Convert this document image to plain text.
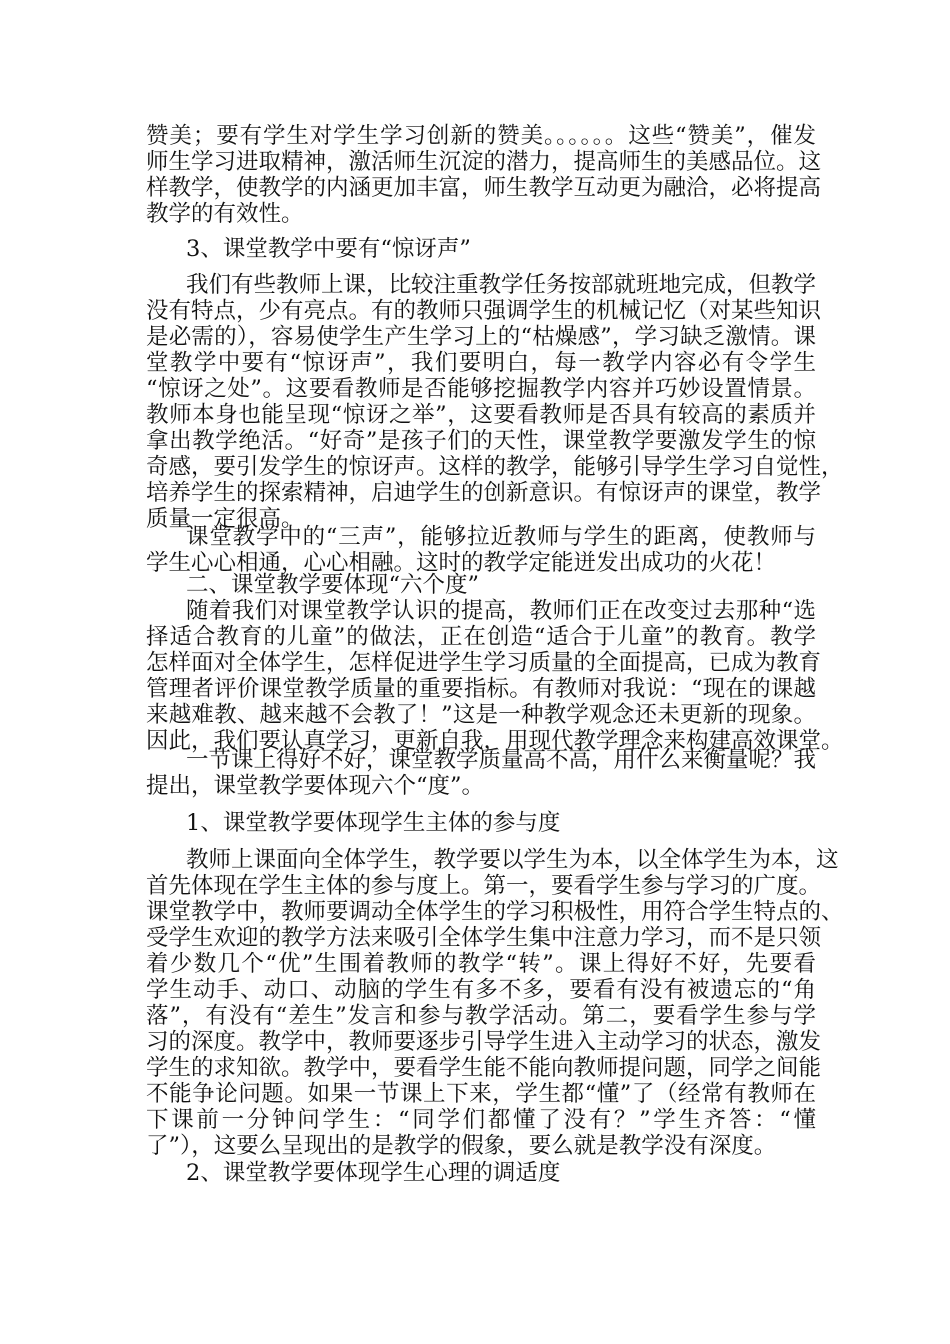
赞美；要有学生对学生学习创新的赞美。。。。。。这些“赞美”，催发
师生学习进取精神，激活师生沉淀的潜力，提高师生的美感品位。这
样教学，使教学的内涵更加丰富，师生教学互动更为融洽，必将提高
教学的有效性。
3、课堂教学中要有“惊讶声”
我们有些教师上课，比较注重教学任务按部就班地完成，但教学
没有特点，少有亮点。有的教师只强调学生的机械记忆（对某些知识
是必需的），容易使学生产生学习上的“枯燥感”，学习缺乏激情。课
堂教学中要有“惊讶声”，我们要明白，每一教学内容必有令学生
“惊讶之处”。这要看教师是否能够挖掘教学内容并巧妙设置情景。
教师本身也能呈现“惊讶之举”，这要看教师是否具有较高的素质并
拿出教学绝活。“好奇”是孩子们的天性，课堂教学要激发学生的惊
奇感，要引发学生的惊讶声。这样的教学，能够引导学生学习自觉性，
培养学生的探索精神，启迪学生的创新意识。有惊讶声的课堂，教学
质量一定很高。
课堂教学中的“三声”，能够拉近教师与学生的距离，使教师与
学生心心相通，心心相融。这时的教学定能迸发出成功的火花！
二、课堂教学要体现“六个度”
随着我们对课堂教学认识的提高，教师们正在改变过去那种“选
择适合教育的儿童”的做法，正在创造“适合于儿童”的教育。教学
怎样面对全体学生，怎样促进学生学习质量的全面提高，已成为教育
管理者评价课堂教学质量的重要指标。有教师对我说：“现在的课越
来越难教、越来越不会教了！”这是一种教学观念还未更新的现象。
因此，我们要认真学习，更新自我，用现代教学理念来构建高效课堂。
一节课上得好不好，课堂教学质量高不高，用什么来衡量呢？我
提出，课堂教学要体现六个“度”。
1、课堂教学要体现学生主体的参与度
教师上课面向全体学生，教学要以学生为本，以全体学生为本，这
首先体现在学生主体的参与度上。第一，要看学生参与学习的广度。
课堂教学中，教师要调动全体学生的学习积极性，用符合学生特点的、
受学生欢迎的教学方法来吸引全体学生集中注意力学习，而不是只领
着少数几个“优”生围着教师的教学“转”。课上得好不好，先要看
学生动手、动口、动脑的学生有多不多，要看有没有被遗忘的“角
落”，有没有“差生”发言和参与教学活动。第二，要看学生参与学
习的深度。教学中，教师要逐步引导学生进入主动学习的状态，激发
学生的求知欲。教学中，要看学生能不能向教师提问题，同学之间能
不能争论问题。如果一节课上下来，学生都“懂”了（经常有教师在
下课前一分钟问学生：“同学们都懂了没有？”学生齐答：“懂
了”），这要么呈现出的是教学的假象，要么就是教学没有深度。
2、课堂教学要体现学生心理的调适度
